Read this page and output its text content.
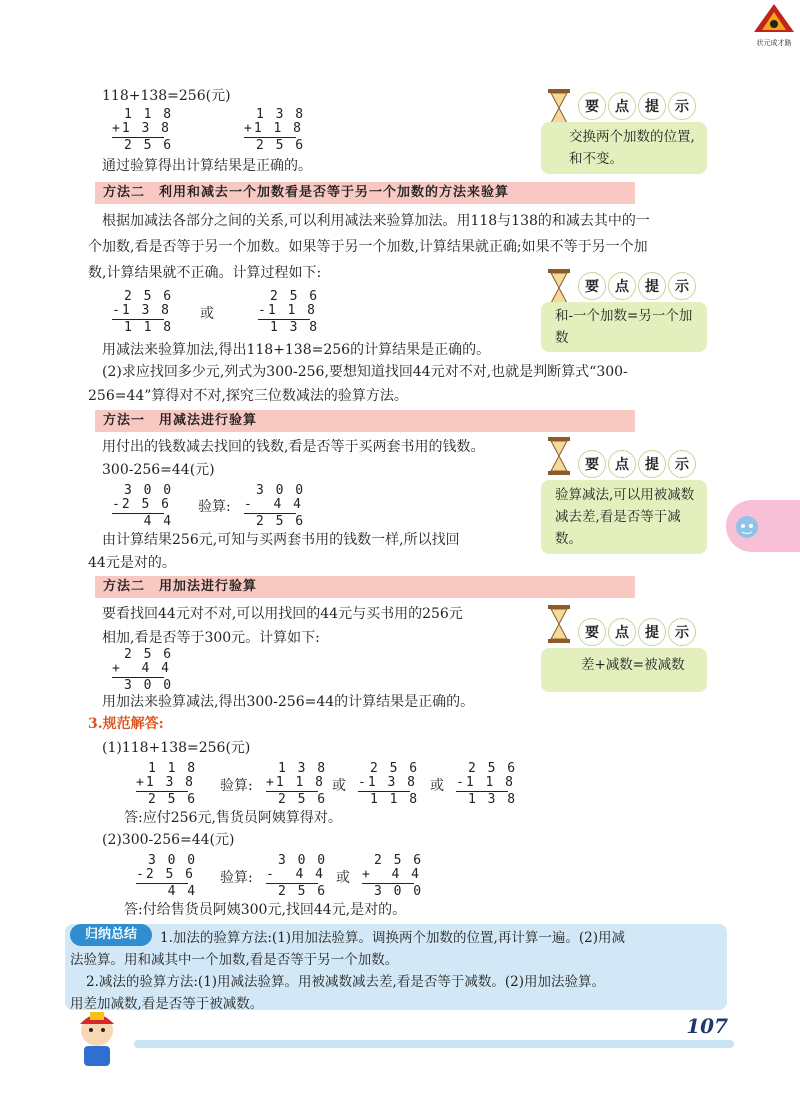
状元成才路
118+138=256(元)
1 1 8
+1 3 8
2 5 6
1 3 8
+1 1 8
2 5 6
通过验算得出计算结果是正确的。
要	点	提	示
交换两个加数的位置,和不变。
方法二　利用和减去一个加数看是否等于另一个加数的方法来验算
根据加减法各部分之间的关系,可以利用减法来验算加法。用118与138的和减去其中的一
个加数,看是否等于另一个加数。如果等于另一个加数,计算结果就正确;如果不等于另一个加
数,计算结果就不正确。计算过程如下:
2 5 6
-1 3 8
1 1 8
或
2 5 6
-1 1 8
1 3 8
用减法来验算加法,得出118+138=256的计算结果是正确的。
要	点	提	示
和-一个加数=另一个加数
(2)求应找回多少元,列式为300-256,要想知道找回44元对不对,也就是判断算式“300-
256=44”算得对不对,探究三位数减法的验算方法。
方法一　用减法进行验算
用付出的钱数减去找回的钱数,看是否等于买两套书用的钱数。
300-256=44(元)
3 0 0
-2 5 6
4 4
验算:
3 0 0
-  4 4
2 5 6
由计算结果256元,可知与买两套书用的钱数一样,所以找回
44元是对的。
要	点	提	示
验算减法,可以用被减数减去差,看是否等于减数。
方法二　用加法进行验算
要看找回44元对不对,可以用找回的44元与买书用的256元
相加,看是否等于300元。计算如下:
2 5 6
+  4 4
3 0 0
用加法来验算减法,得出300-256=44的计算结果是正确的。
要	点	提	示
差+减数=被减数
3.规范解答:
(1)118+138=256(元)
1 1 8
+1 3 8
2 5 6
验算:
1 3 8
+1 1 8
2 5 6
或
2 5 6
-1 3 8
1 1 8
或
2 5 6
-1 1 8
1 3 8
答:应付256元,售货员阿姨算得对。
(2)300-256=44(元)
3 0 0
-2 5 6
4 4
验算:
3 0 0
-  4 4
2 5 6
或
2 5 6
+  4 4
3 0 0
答:付给售货员阿姨300元,找回44元,是对的。
归纳总结	1.加法的验算方法:(1)用加法验算。调换两个加数的位置,再计算一遍。(2)用减
法验算。用和减其中一个加数,看是否等于另一个加数。
2.减法的验算方法:(1)用减法验算。用被减数减去差,看是否等于减数。(2)用加法验算。
用差加减数,看是否等于被减数。
107
